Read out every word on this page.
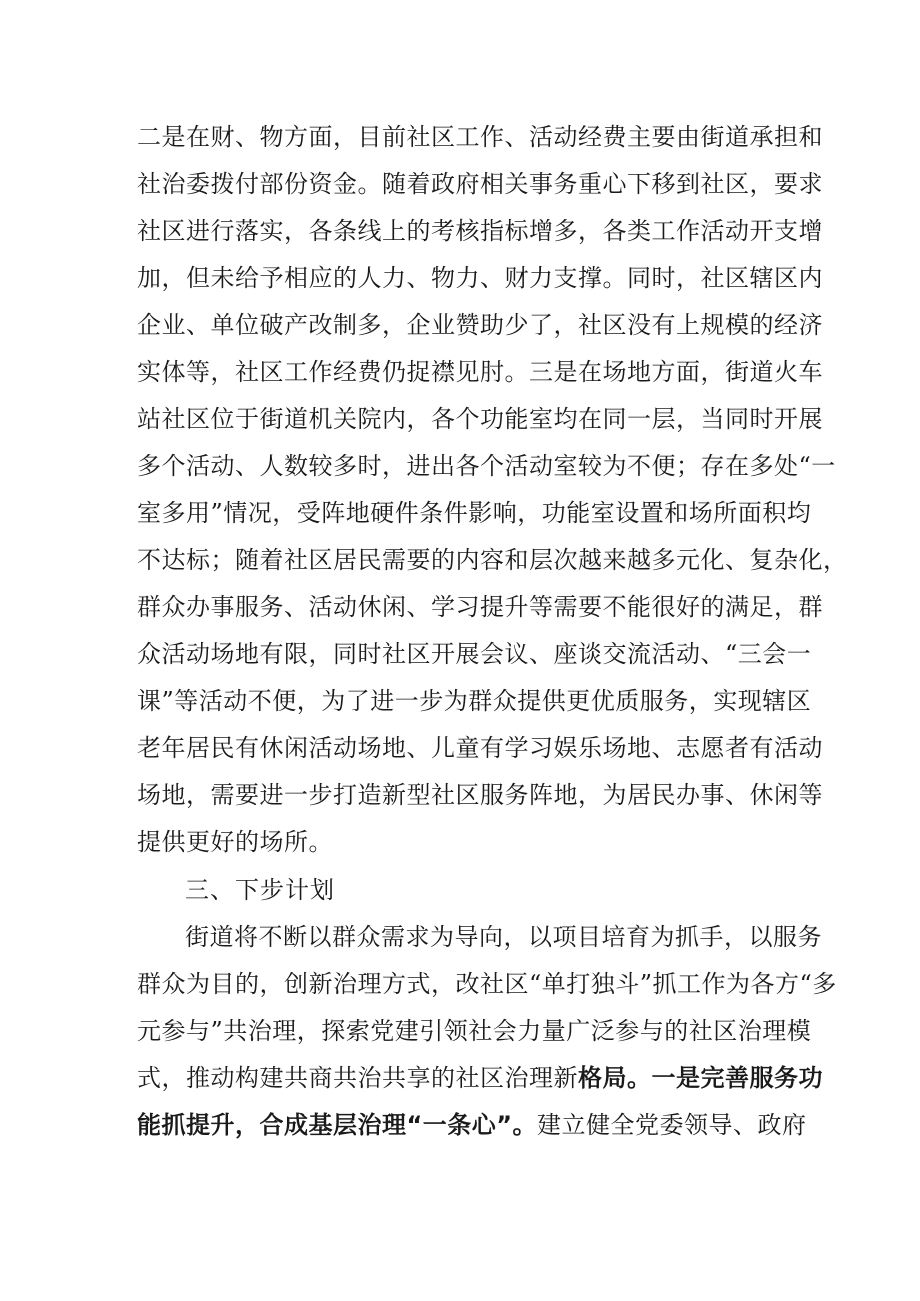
二是在财、物方面，目前社区工作、活动经费主要由街道承担和
社治委拨付部份资金。随着政府相关事务重心下移到社区，要求
社区进行落实，各条线上的考核指标增多，各类工作活动开支增
加，但未给予相应的人力、物力、财力支撑。同时，社区辖区内
企业、单位破产改制多，企业赞助少了，社区没有上规模的经济
实体等，社区工作经费仍捉襟见肘。三是在场地方面，街道火车
站社区位于街道机关院内，各个功能室均在同一层，当同时开展
多个活动、人数较多时，进出各个活动室较为不便；存在多处“一
室多用”情况，受阵地硬件条件影响，功能室设置和场所面积均
不达标；随着社区居民需要的内容和层次越来越多元化、复杂化，
群众办事服务、活动休闲、学习提升等需要不能很好的满足，群
众活动场地有限，同时社区开展会议、座谈交流活动、“三会一
课”等活动不便，为了进一步为群众提供更优质服务，实现辖区
老年居民有休闲活动场地、儿童有学习娱乐场地、志愿者有活动
场地，需要进一步打造新型社区服务阵地，为居民办事、休闲等
提供更好的场所。
三、下步计划
街道将不断以群众需求为导向，以项目培育为抓手，以服务
群众为目的，创新治理方式，改社区“单打独斗”抓工作为各方“多
元参与”共治理，探索党建引领社会力量广泛参与的社区治理模
式，推动构建共商共治共享的社区治理新格局。一是完善服务功
能抓提升，合成基层治理“一条心”。建立健全党委领导、政府
